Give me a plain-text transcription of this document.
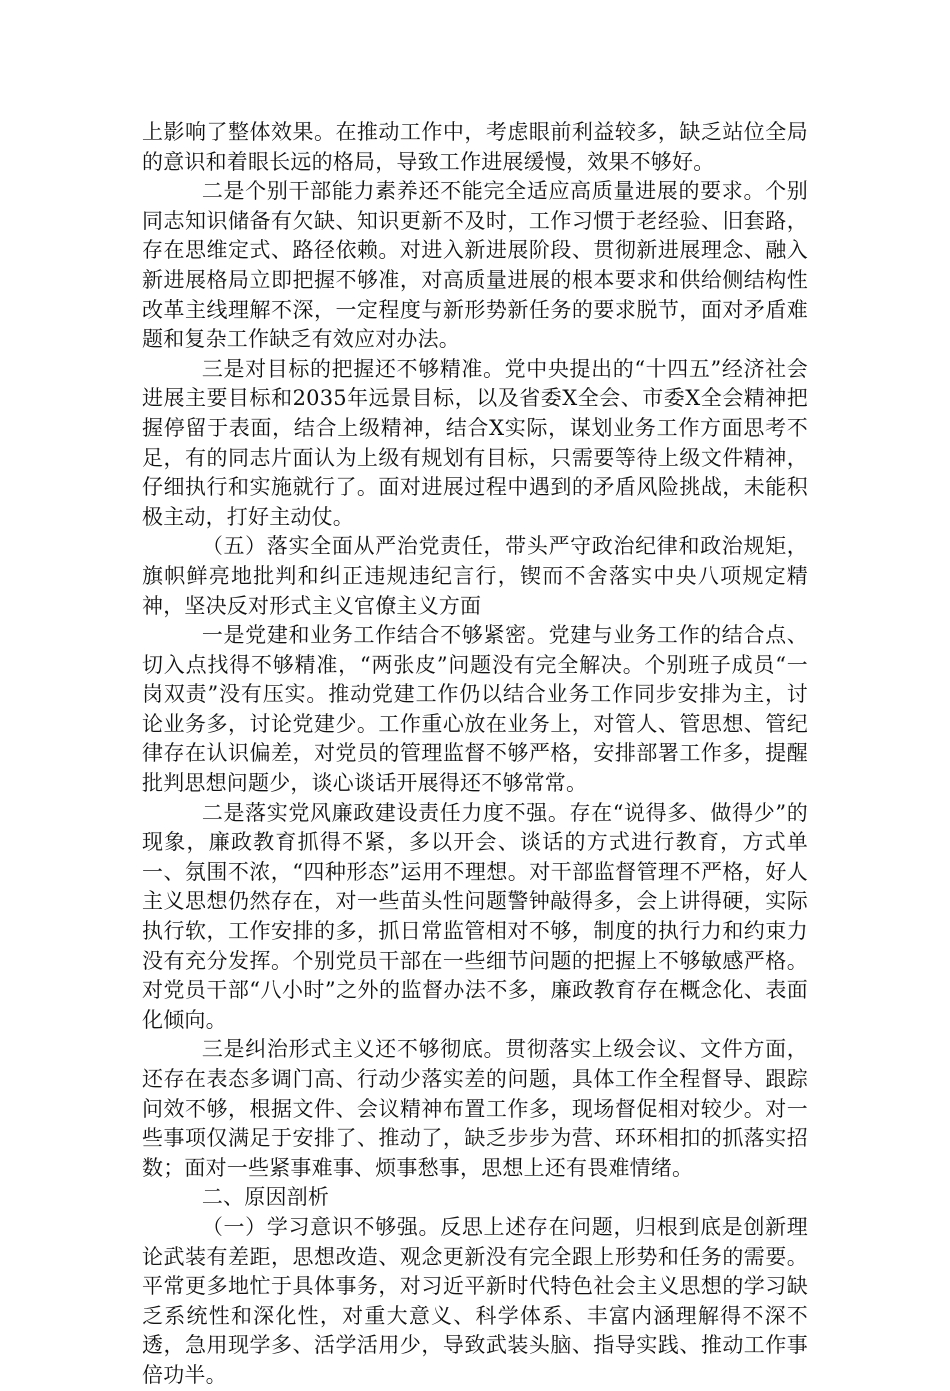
上影响了整体效果。在推动工作中，考虑眼前利益较多，缺乏站位全局的意识和着眼长远的格局，导致工作进展缓慢，效果不够好。

二是个别干部能力素养还不能完全适应高质量进展的要求。个别同志知识储备有欠缺、知识更新不及时，工作习惯于老经验、旧套路，存在思维定式、路径依赖。对进入新进展阶段、贯彻新进展理念、融入新进展格局立即把握不够准，对高质量进展的根本要求和供给侧结构性改革主线理解不深，一定程度与新形势新任务的要求脱节，面对矛盾难题和复杂工作缺乏有效应对办法。

三是对目标的把握还不够精准。党中央提出的“十四五”经济社会进展主要目标和2035年远景目标，以及省委X全会、市委X全会精神把握停留于表面，结合上级精神，结合X实际，谋划业务工作方面思考不足，有的同志片面认为上级有规划有目标，只需要等待上级文件精神，仔细执行和实施就行了。面对进展过程中遇到的矛盾风险挑战，未能积极主动，打好主动仗。

（五）落实全面从严治党责任，带头严守政治纪律和政治规矩，旗帜鲜亮地批判和纠正违规违纪言行，锲而不舍落实中央八项规定精神，坚决反对形式主义官僚主义方面

一是党建和业务工作结合不够紧密。党建与业务工作的结合点、切入点找得不够精准，“两张皮”问题没有完全解决。个别班子成员“一岗双责”没有压实。推动党建工作仍以结合业务工作同步安排为主，讨论业务多，讨论党建少。工作重心放在业务上，对管人、管思想、管纪律存在认识偏差，对党员的管理监督不够严格，安排部署工作多，提醒批判思想问题少，谈心谈话开展得还不够常常。

二是落实党风廉政建设责任力度不强。存在“说得多、做得少”的现象，廉政教育抓得不紧，多以开会、谈话的方式进行教育，方式单一、氛围不浓，“四种形态”运用不理想。对干部监督管理不严格，好人主义思想仍然存在，对一些苗头性问题警钟敲得多，会上讲得硬，实际执行软，工作安排的多，抓日常监管相对不够，制度的执行力和约束力没有充分发挥。个别党员干部在一些细节问题的把握上不够敏感严格。对党员干部“八小时”之外的监督办法不多，廉政教育存在概念化、表面化倾向。

三是纠治形式主义还不够彻底。贯彻落实上级会议、文件方面，还存在表态多调门高、行动少落实差的问题，具体工作全程督导、跟踪问效不够，根据文件、会议精神布置工作多，现场督促相对较少。对一些事项仅满足于安排了、推动了，缺乏步步为营、环环相扣的抓落实招数；面对一些紧事难事、烦事愁事，思想上还有畏难情绪。

二、原因剖析

（一）学习意识不够强。反思上述存在问题，归根到底是创新理论武装有差距，思想改造、观念更新没有完全跟上形势和任务的需要。平常更多地忙于具体事务，对习近平新时代特色社会主义思想的学习缺乏系统性和深化性，对重大意义、科学体系、丰富内涵理解得不深不透，急用现学多、活学活用少，导致武装头脑、指导实践、推动工作事倍功半。
